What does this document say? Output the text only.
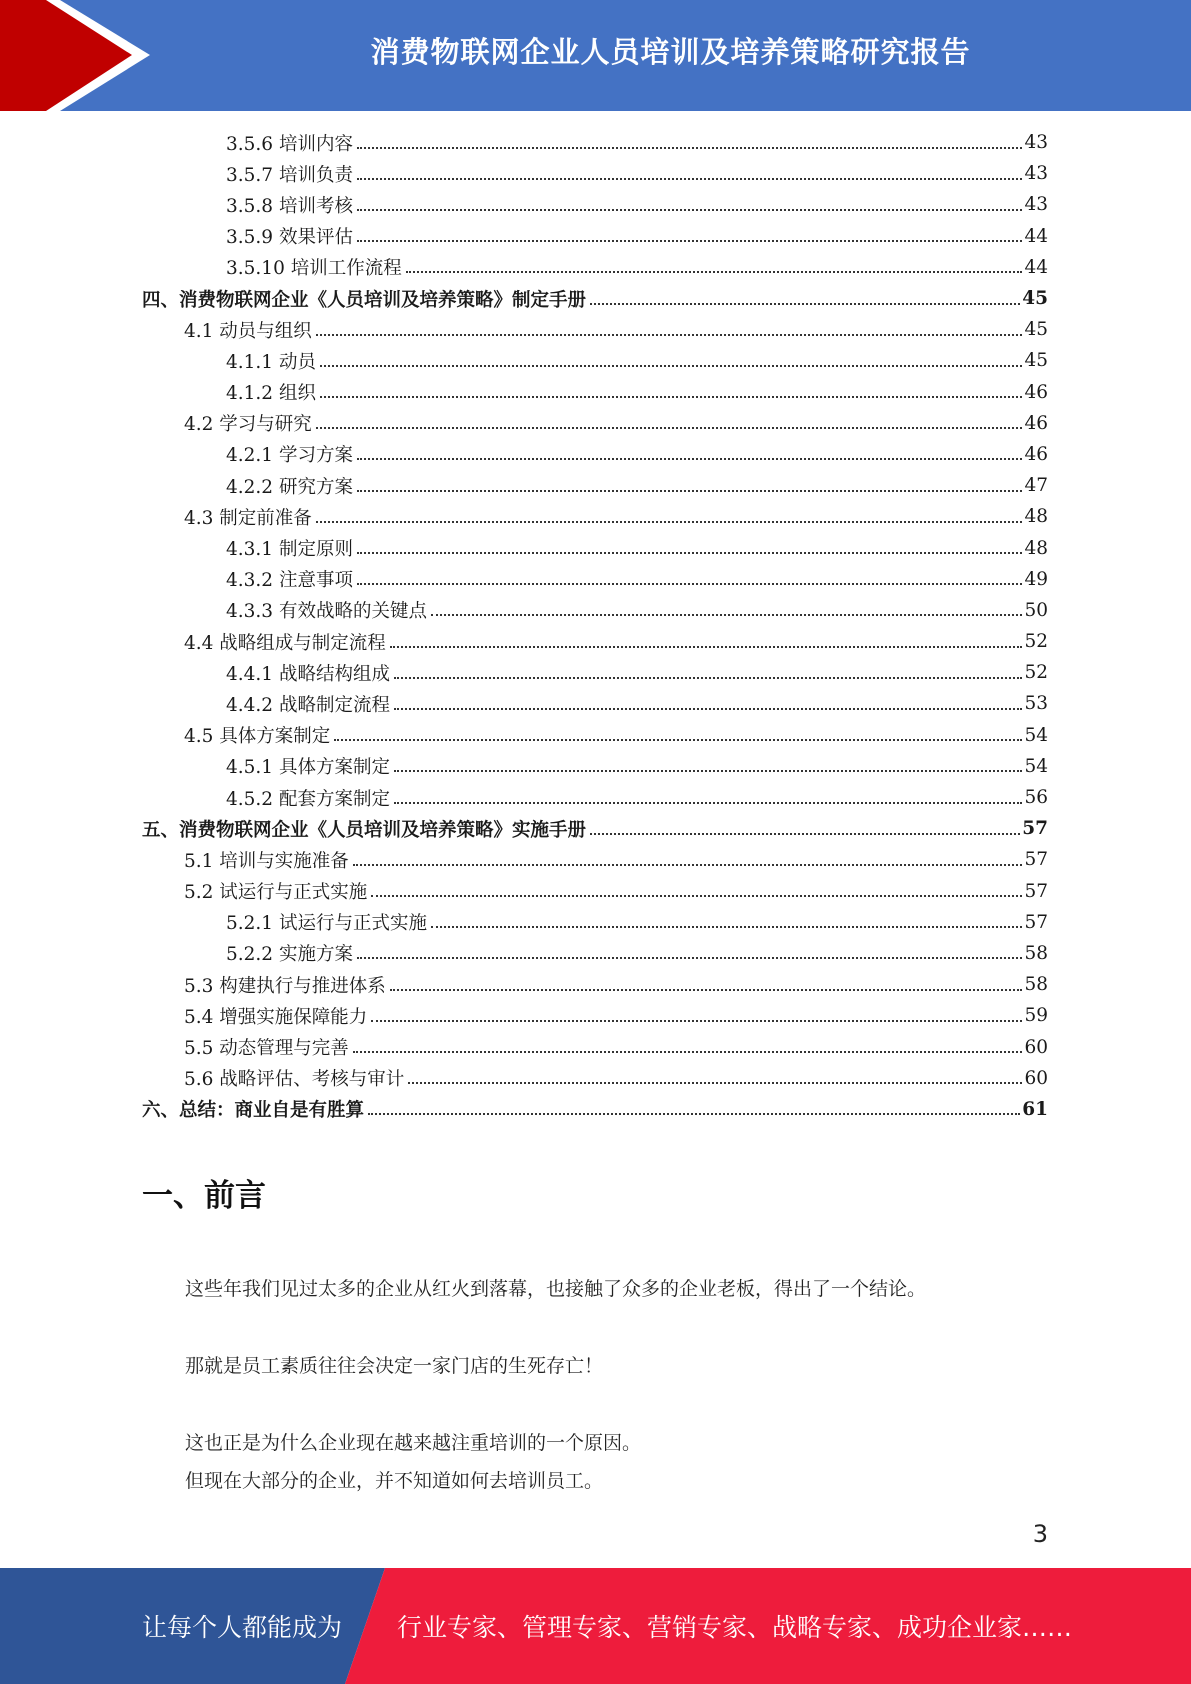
消费物联网企业人员培训及培养策略研究报告
3.5.6 培训内容	43
3.5.7 培训负责	43
3.5.8 培训考核	43
3.5.9 效果评估	44
3.5.10 培训工作流程	44
四、消费物联网企业《人员培训及培养策略》制定手册	45
4.1 动员与组织	45
4.1.1 动员	45
4.1.2 组织	46
4.2 学习与研究	46
4.2.1 学习方案	46
4.2.2 研究方案	47
4.3 制定前准备	48
4.3.1 制定原则	48
4.3.2 注意事项	49
4.3.3 有效战略的关键点	50
4.4 战略组成与制定流程	52
4.4.1 战略结构组成	52
4.4.2 战略制定流程	53
4.5 具体方案制定	54
4.5.1 具体方案制定	54
4.5.2 配套方案制定	56
五、消费物联网企业《人员培训及培养策略》实施手册	57
5.1 培训与实施准备	57
5.2 试运行与正式实施	57
5.2.1 试运行与正式实施	57
5.2.2 实施方案	58
5.3 构建执行与推进体系	58
5.4 增强实施保障能力	59
5.5 动态管理与完善	60
5.6 战略评估、考核与审计	60
六、总结：商业自是有胜算	61
一、前言
这些年我们见过太多的企业从红火到落幕，也接触了众多的企业老板，得出了一个结论。
那就是员工素质往往会决定一家门店的生死存亡！
这也正是为什么企业现在越来越注重培训的一个原因。
但现在大部分的企业，并不知道如何去培训员工。
3
让每个人都能成为 行业专家、管理专家、营销专家、战略专家、成功企业家……
